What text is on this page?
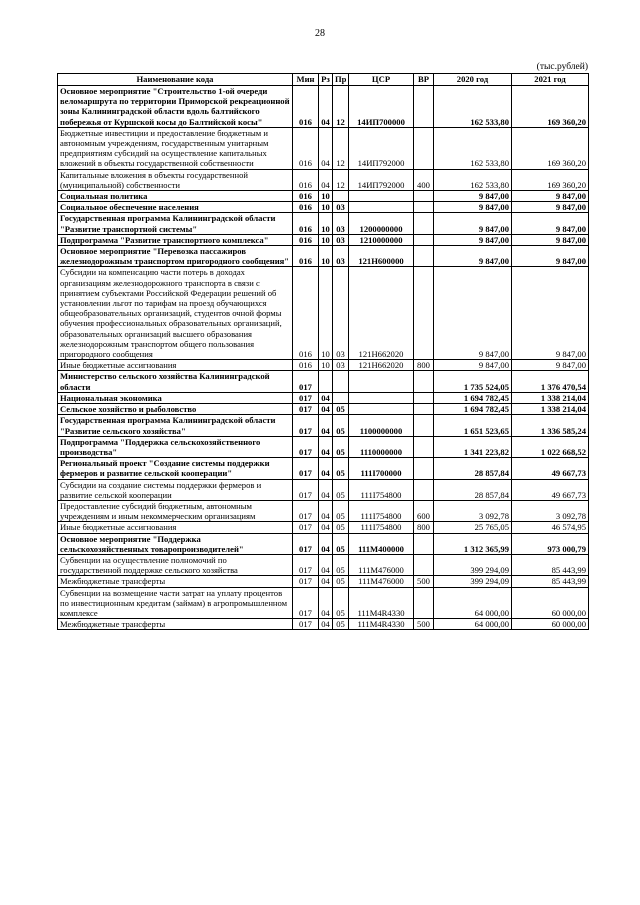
28
(тыс.рублей)
Наименование кода	Мин	Рз	Пр	ЦСР	ВР	2020 год	2021 год
Основное мероприятие "Строительство 1-ой очереди веломаршрута по территории Приморской рекреационной зоны Калининградской области вдоль балтийского побережья от Куршской косы до Балтийской косы"	016	04	12	14ИП700000		162 533,80	169 360,20
Бюджетные инвестиции и предоставление бюджетным и автономным учреждениям, государственным унитарным предприятиям субсидий на осуществление капитальных вложений в объекты государственной собственности	016	04	12	14ИП792000		162 533,80	169 360,20
Капитальные вложения в объекты государственной (муниципальной) собственности	016	04	12	14ИП792000	400	162 533,80	169 360,20
Социальная политика	016	10				9 847,00	9 847,00
Социальное обеспечение населения	016	10	03			9 847,00	9 847,00
Государственная программа Калининградской области "Развитие транспортной системы"	016	10	03	1200000000		9 847,00	9 847,00
Подпрограмма "Развитие транспортного комплекса"	016	10	03	1210000000		9 847,00	9 847,00
Основное мероприятие "Перевозка пассажиров железнодорожным транспортом пригородного сообщения"	016	10	03	121Н600000		9 847,00	9 847,00
Субсидии на компенсацию части потерь в доходах организациям железнодорожного транспорта в связи с принятием субъектами Российской Федерации решений об установлении льгот по тарифам на проезд обучающихся общеобразовательных организаций, студентов очной формы обучения профессиональных образовательных организаций, образовательных организаций высшего образования железнодорожным транспортом общего пользования пригородного сообщения	016	10	03	121Н662020		9 847,00	9 847,00
Иные бюджетные ассигнования	016	10	03	121Н662020	800	9 847,00	9 847,00
Министерство сельского хозяйства Калининградской области	017					1 735 524,05	1 376 470,54
Национальная экономика	017	04				1 694 782,45	1 338 214,04
Сельское хозяйство и рыболовство	017	04	05			1 694 782,45	1 338 214,04
Государственная программа Калининградской области "Развитие сельского хозяйства"	017	04	05	1100000000		1 651 523,65	1 336 585,24
Подпрограмма "Поддержка сельскохозяйственного производства"	017	04	05	1110000000		1 341 223,82	1 022 668,52
Региональный проект "Создание системы поддержки фермеров и развитие сельской кооперации"	017	04	05	111I700000		28 857,84	49 667,73
Субсидии на создание системы поддержки фермеров и развитие сельской кооперации	017	04	05	111I754800		28 857,84	49 667,73
Предоставление субсидий бюджетным, автономным учреждениям и иным некоммерческим организациям	017	04	05	111I754800	600	3 092,78	3 092,78
Иные бюджетные ассигнования	017	04	05	111I754800	800	25 765,05	46 574,95
Основное мероприятие "Поддержка сельскохозяйственных товаропроизводителей"	017	04	05	111М400000		1 312 365,99	973 000,79
Субвенции на осуществление полномочий по государственной поддержке сельского хозяйства	017	04	05	111М476000		399 294,09	85 443,99
Межбюджетные трансферты	017	04	05	111М476000	500	399 294,09	85 443,99
Субвенции на возмещение части затрат на уплату процентов по инвестиционным кредитам (займам) в агропромышленном комплексе	017	04	05	111M4R4330		64 000,00	60 000,00
Межбюджетные трансферты	017	04	05	111M4R4330	500	64 000,00	60 000,00
